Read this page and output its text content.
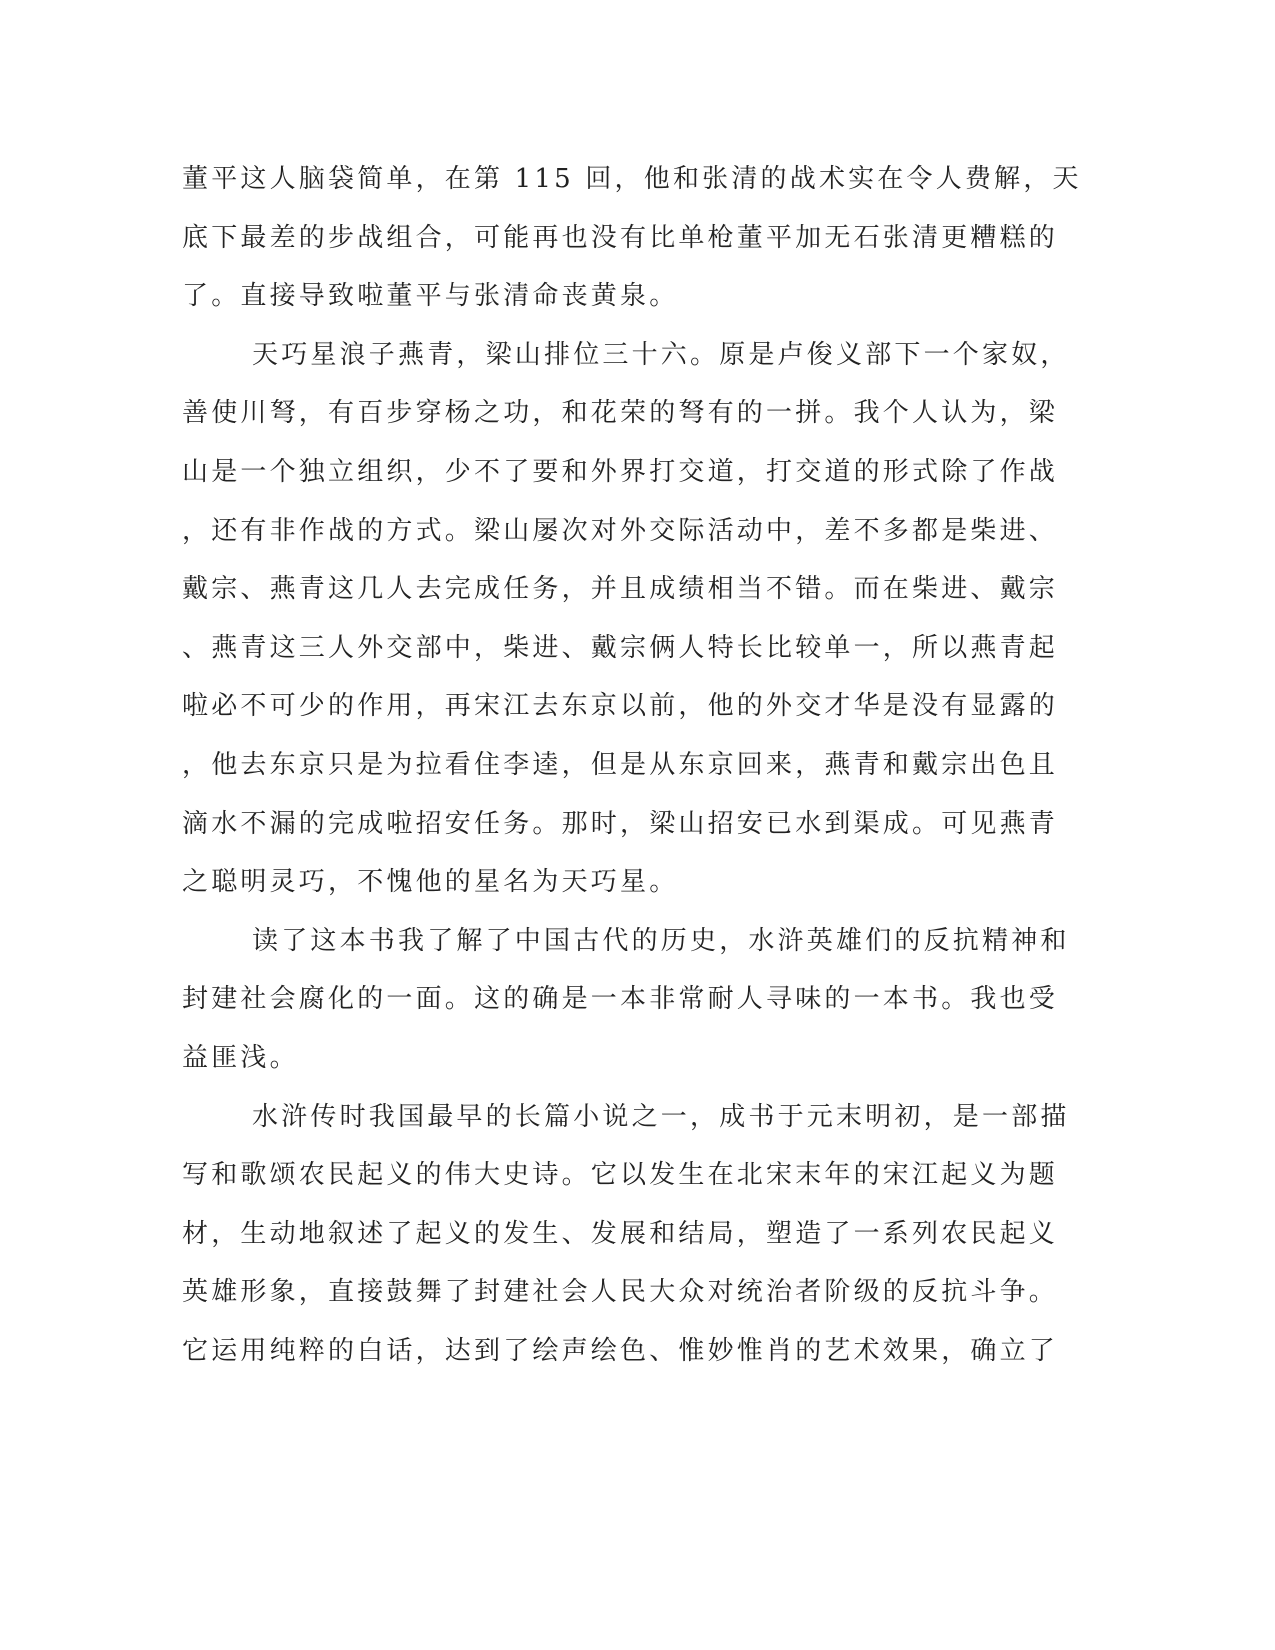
董平这人脑袋简单，在第 115 回，他和张清的战术实在令人费解，天
底下最差的步战组合，可能再也没有比单枪董平加无石张清更糟糕的
了。直接导致啦董平与张清命丧黄泉。
天巧星浪子燕青，梁山排位三十六。原是卢俊义部下一个家奴，
善使川弩，有百步穿杨之功，和花荣的弩有的一拼。我个人认为，梁
山是一个独立组织，少不了要和外界打交道，打交道的形式除了作战
，还有非作战的方式。梁山屡次对外交际活动中，差不多都是柴进、
戴宗、燕青这几人去完成任务，并且成绩相当不错。而在柴进、戴宗
、燕青这三人外交部中，柴进、戴宗俩人特长比较单一，所以燕青起
啦必不可少的作用，再宋江去东京以前，他的外交才华是没有显露的
，他去东京只是为拉看住李逵，但是从东京回来，燕青和戴宗出色且
滴水不漏的完成啦招安任务。那时，梁山招安已水到渠成。可见燕青
之聪明灵巧，不愧他的星名为天巧星。
读了这本书我了解了中国古代的历史，水浒英雄们的反抗精神和
封建社会腐化的一面。这的确是一本非常耐人寻味的一本书。我也受
益匪浅。
水浒传时我国最早的长篇小说之一，成书于元末明初，是一部描
写和歌颂农民起义的伟大史诗。它以发生在北宋末年的宋江起义为题
材，生动地叙述了起义的发生、发展和结局，塑造了一系列农民起义
英雄形象，直接鼓舞了封建社会人民大众对统治者阶级的反抗斗争。
它运用纯粹的白话，达到了绘声绘色、惟妙惟肖的艺术效果，确立了
